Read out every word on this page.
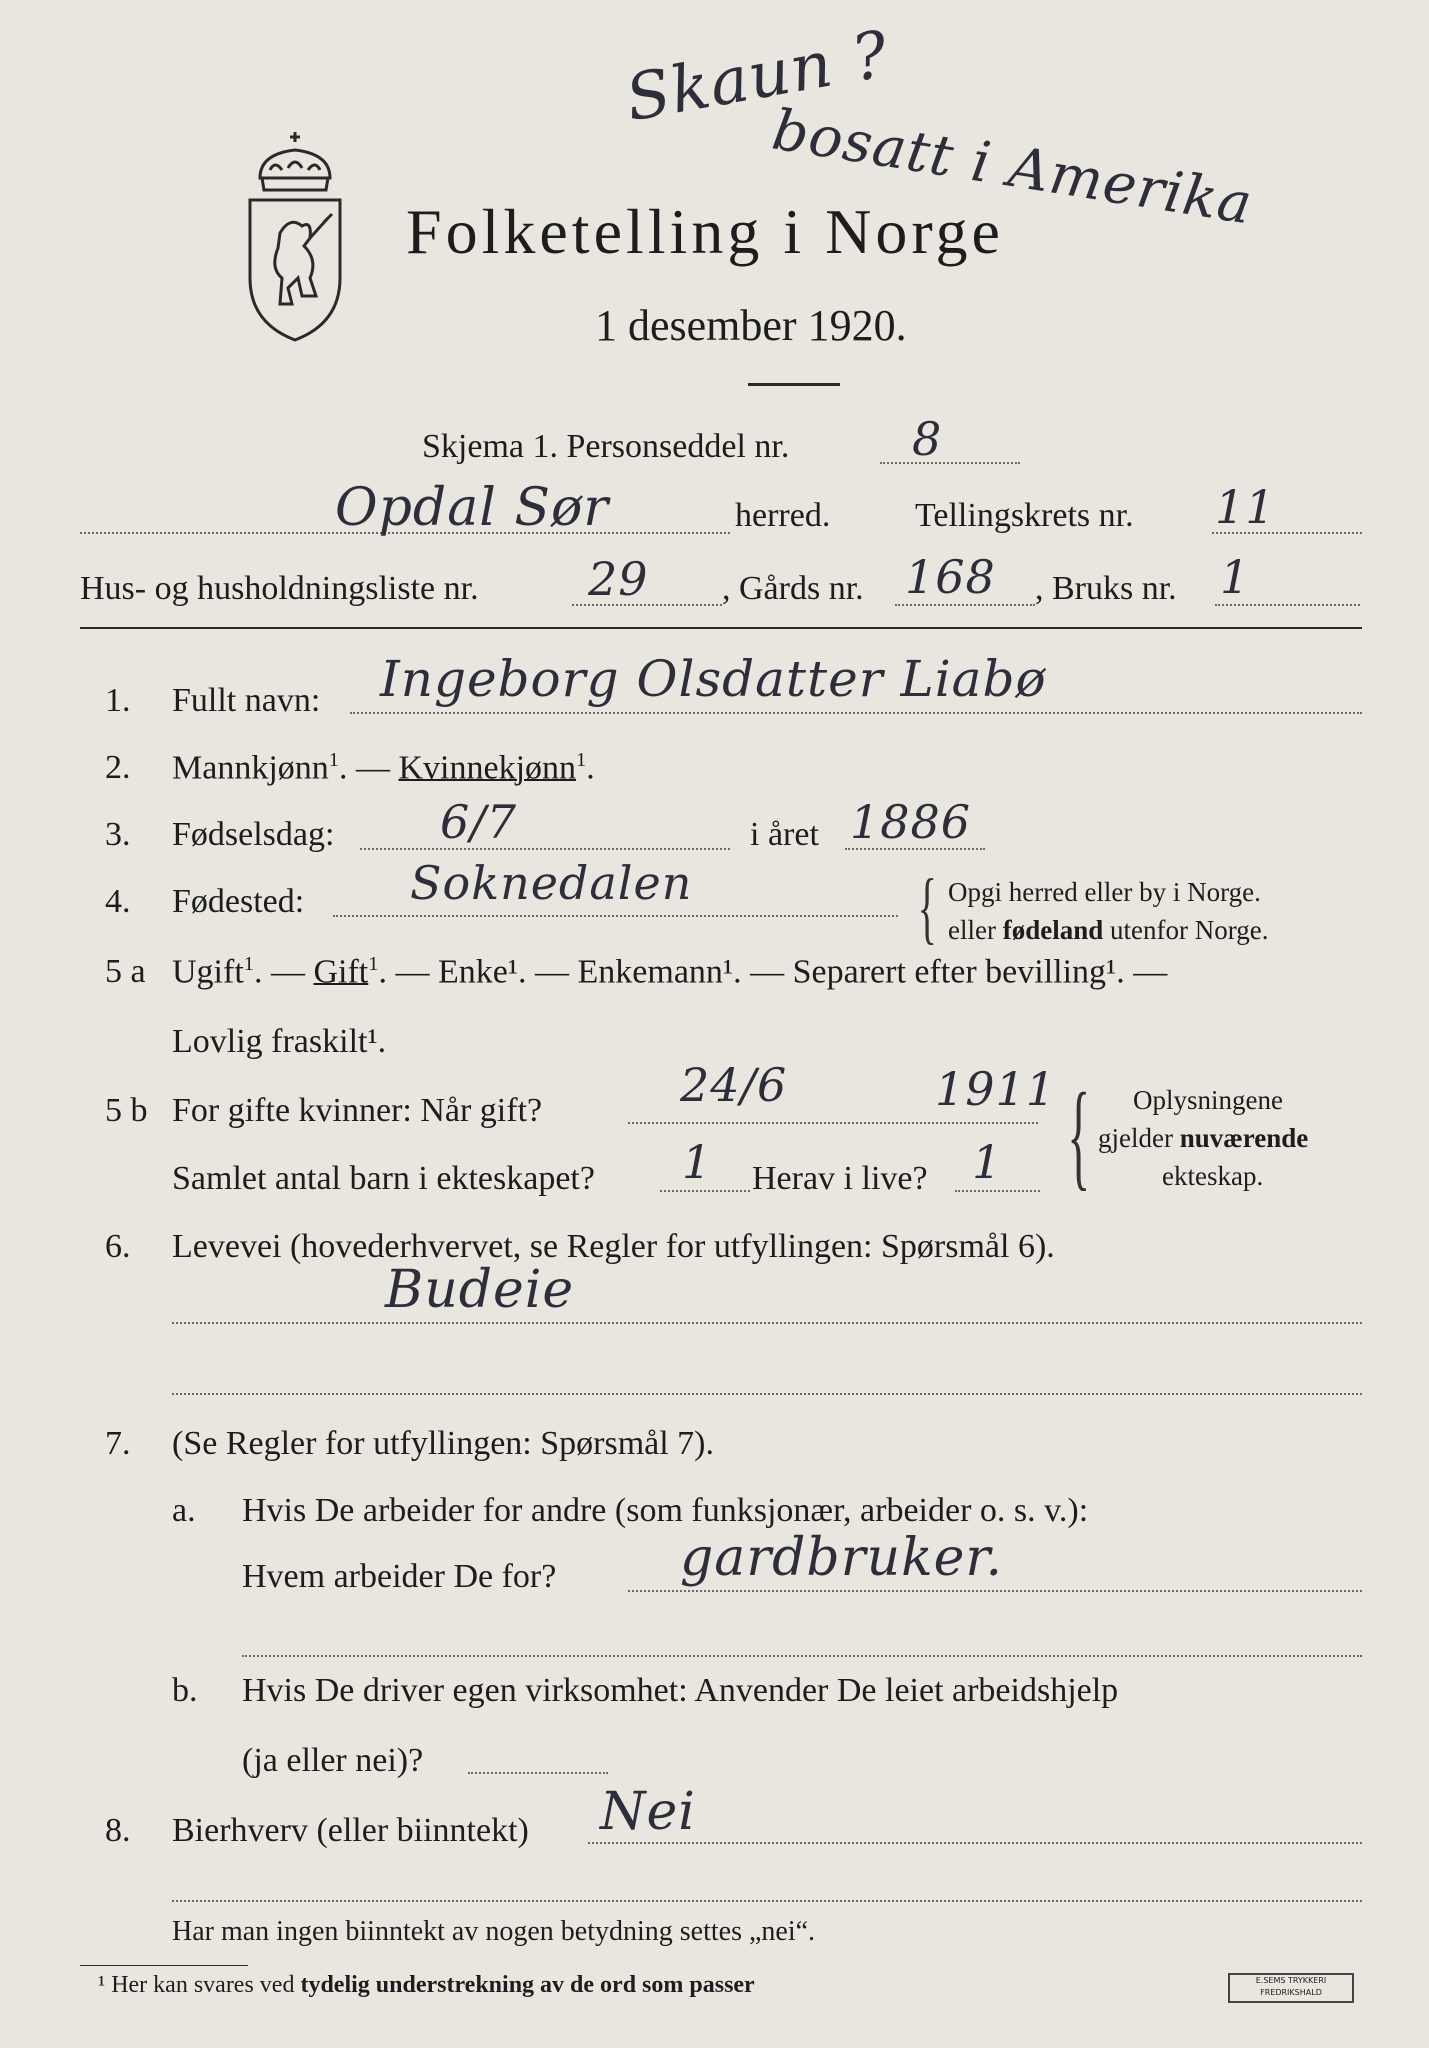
Skaun ?
bosatt i Amerika
Folketelling i Norge
1 desember 1920.
Skjema 1. Personseddel nr.	8
Opdal Sør	herred. Tellingskrets nr. 11
Hus- og husholdningsliste nr. 29 , Gårds nr. 168 , Bruks nr. 1
1. Fullt navn: Ingeborg Olsdatter Liabø
2. Mannkjønn$^1$. — Kvinnekjønn$^1$.
3. Fødselsdag: 6/7	i året 1886
4. Fødested: Soknedalen	{ Opgi herred eller by i Norge.
eller fødeland utenfor Norge.
5 a Ugift$^1$. — Gift$^1$. — Enke¹. — Enkemann¹. — Separert efter bevilling¹. —
Lovlig fraskilt¹.
5 b For gifte kvinner: Når gift?	24/6	1911
Samlet antal barn i ekteskapet? 1 Herav i live? 1 { Oplysningene
gjelder nuværende
ekteskap.
6. Levevei (hovederhvervet, se Regler for utfyllingen: Spørsmål 6).
Budeie
7. (Se Regler for utfyllingen: Spørsmål 7).
a. Hvis De arbeider for andre (som funksjonær, arbeider o. s. v.):
Hvem arbeider De for? gardbruker.
b. Hvis De driver egen virksomhet: Anvender De leiet arbeidshjelp
(ja eller nei)?
8. Bierhverv (eller biinntekt) Nei
Har man ingen biinntekt av nogen betydning settes „nei“.
¹ Her kan svares ved tydelig understrekning av de ord som passer	E.SEMS TRYKKERI FREDRIKSHALD
